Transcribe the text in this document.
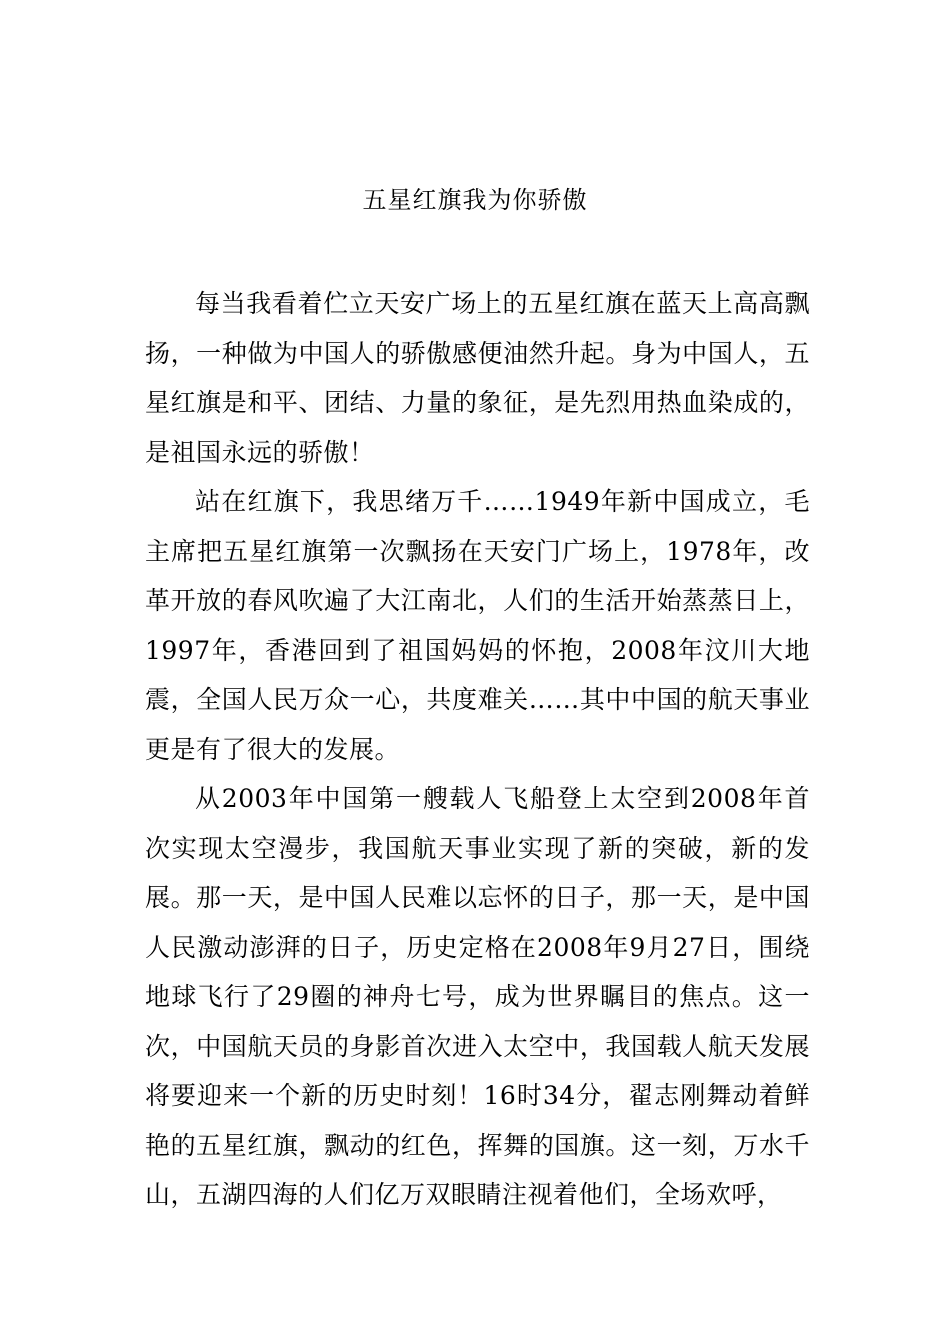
五星红旗我为你骄傲

每当我看着伫立天安广场上的五星红旗在蓝天上高高飘扬，一种做为中国人的骄傲感便油然升起。身为中国人，五星红旗是和平、团结、力量的象征，是先烈用热血染成的，是祖国永远的骄傲！

站在红旗下，我思绪万千……1949年新中国成立，毛主席把五星红旗第一次飘扬在天安门广场上，1978年，改革开放的春风吹遍了大江南北，人们的生活开始蒸蒸日上，1997年，香港回到了祖国妈妈的怀抱，2008年汶川大地震，全国人民万众一心，共度难关……其中中国的航天事业更是有了很大的发展。

从2003年中国第一艘载人飞船登上太空到2008年首次实现太空漫步，我国航天事业实现了新的突破，新的发展。那一天，是中国人民难以忘怀的日子，那一天，是中国人民激动澎湃的日子，历史定格在2008年9月27日，围绕地球飞行了29圈的神舟七号，成为世界瞩目的焦点。这一次，中国航天员的身影首次进入太空中，我国载人航天发展将要迎来一个新的历史时刻！16时34分，翟志刚舞动着鲜艳的五星红旗，飘动的红色，挥舞的国旗。这一刻，万水千山，五湖四海的人们亿万双眼睛注视着他们，全场欢呼，
